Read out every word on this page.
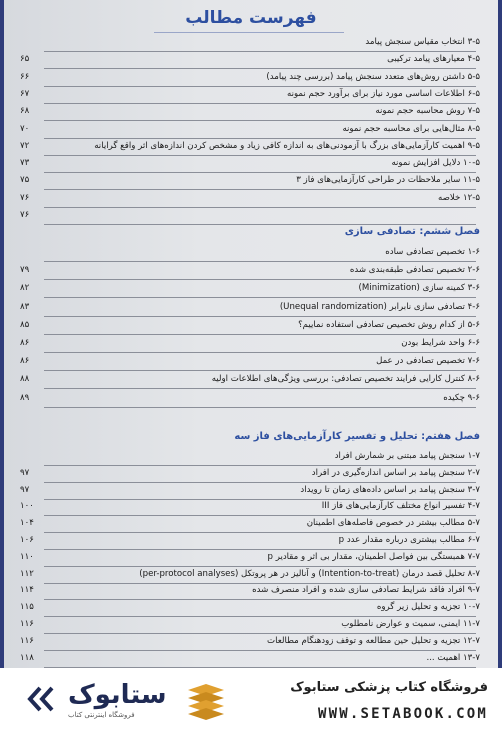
فهرست مطالب
۳-۵ انتخاب مقیاس سنجش پیامد
۴-۵ معیارهای پیامد ترکیبی
۶۵
۵-۵ داشتن روش‌های متعدد سنجش پیامد (بررسی چند پیامد)
۶۶
۶-۵ اطلاعات اساسی مورد نیاز برای برآورد حجم نمونه
۶۷
۷-۵ روش محاسبه حجم نمونه
۶۸
۸-۵ مثال‌هایی برای محاسبه حجم نمونه
۷۰
۹-۵ اهمیت کارآزمایی‌های بزرگ با آزمودنی‌های به اندازه کافی زیاد و مشخص کردن اندازه‌های اثر واقع گرایانه
۷۲
۱۰-۵ دلایل افزایش نمونه
۷۳
۱۱-۵ سایر ملاحظات در طراحی کارآزمایی‌های فاز ۳
۷۵
۱۲-۵ خلاصه
۷۶
۷۶
فصل ششم: تصادفی سازی
۱-۶ تخصیص تصادفی ساده
۲-۶ تخصیص تصادفی طبقه‌بندی شده
۷۹
۳-۶ کمینه سازی (Minimization)
۸۲
۴-۶ تصادفی سازی نابرابر (Unequal randomization)
۸۳
۵-۶ از کدام روش تخصیص تصادفی استفاده نماییم؟
۸۵
۶-۶ واحد شرایط بودن
۸۶
۷-۶ تخصیص تصادفی در عمل
۸۶
۸-۶ کنترل کارایی فرایند تخصیص تصادفی: بررسی ویژگی‌های اطلاعات اولیه
۸۸
۹-۶ چکیده
۸۹
فصل هفتم: تحلیل و تفسیر کارآزمایی‌های فاز سه
۱-۷ سنجش پیامد مبتنی بر شمارش افراد
۲-۷ سنجش پیامد بر اساس اندازه‌گیری در افراد
۹۷
۳-۷ سنجش پیامد بر اساس داده‌های زمان تا رویداد
۹۷
۴-۷ تفسیر انواع مختلف کارآزمایی‌های فاز III
۱۰۰
۵-۷ مطالب بیشتر در خصوص فاصله‌های اطمینان
۱۰۴
۶-۷ مطالب بیشتری درباره مقدار عدد p
۱۰۶
۷-۷ همبستگی بین فواصل اطمینان، مقدار بی اثر و مقادیر p
۱۱۰
۸-۷ تحلیل قصد درمان (Intention-to-treat) و آنالیز در هر پروتکل (per-protocol analyses)
۱۱۲
۹-۷ افراد فاقد شرایط تصادفی سازی شده و افراد منصرف شده
۱۱۴
۱۰-۷ تجزیه و تحلیل زیر گروه
۱۱۵
۱۱-۷ ایمنی، سمیت و عوارض نامطلوب
۱۱۶
۱۲-۷ تجزیه و تحلیل حین مطالعه و توقف زودهنگام مطالعات
۱۱۶
۱۳-۷ اهمیت ...
۱۱۸
ستابوک
فروشگاه اینترنتی کتاب
فروشگاه کتاب پزشکی ستابوک
WWW.SETABOOK.COM
